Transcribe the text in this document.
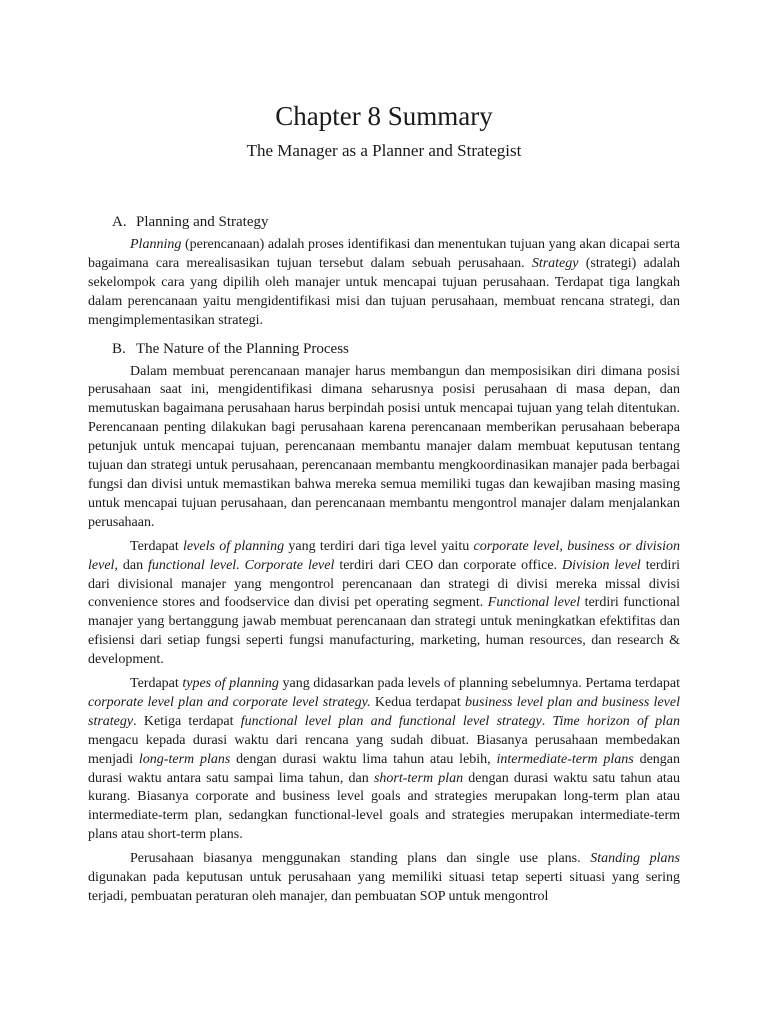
Chapter 8 Summary
The Manager as a Planner and Strategist
A. Planning and Strategy

Planning (perencanaan) adalah proses identifikasi dan menentukan tujuan yang akan dicapai serta bagaimana cara merealisasikan tujuan tersebut dalam sebuah perusahaan. Strategy (strategi) adalah sekelompok cara yang dipilih oleh manajer untuk mencapai tujuan perusahaan. Terdapat tiga langkah dalam perencanaan yaitu mengidentifikasi misi dan tujuan perusahaan, membuat rencana strategi, dan mengimplementasikan strategi.

B. The Nature of the Planning Process

Dalam membuat perencanaan manajer harus membangun dan memposisikan diri dimana posisi perusahaan saat ini, mengidentifikasi dimana seharusnya posisi perusahaan di masa depan, dan memutuskan bagaimana perusahaan harus berpindah posisi untuk mencapai tujuan yang telah ditentukan. Perencanaan penting dilakukan bagi perusahaan karena perencanaan memberikan perusahaan beberapa petunjuk untuk mencapai tujuan, perencanaan membantu manajer dalam membuat keputusan tentang tujuan dan strategi untuk perusahaan, perencanaan membantu mengkoordinasikan manajer pada berbagai fungsi dan divisi untuk memastikan bahwa mereka semua memiliki tugas dan kewajiban masing masing untuk mencapai tujuan perusahaan, dan perencanaan membantu mengontrol manajer dalam menjalankan perusahaan.

Terdapat levels of planning yang terdiri dari tiga level yaitu corporate level, business or division level, dan functional level. Corporate level terdiri dari CEO dan corporate office. Division level terdiri dari divisional manajer yang mengontrol perencanaan dan strategi di divisi mereka missal divisi convenience stores and foodservice dan divisi pet operating segment. Functional level terdiri functional manajer yang bertanggung jawab membuat perencanaan dan strategi untuk meningkatkan efektifitas dan efisiensi dari setiap fungsi seperti fungsi manufacturing, marketing, human resources, dan research & development.

Terdapat types of planning yang didasarkan pada levels of planning sebelumnya. Pertama terdapat corporate level plan and corporate level strategy. Kedua terdapat business level plan and business level strategy. Ketiga terdapat functional level plan and functional level strategy. Time horizon of plan mengacu kepada durasi waktu dari rencana yang sudah dibuat. Biasanya perusahaan membedakan menjadi long-term plans dengan durasi waktu lima tahun atau lebih, intermediate-term plans dengan durasi waktu antara satu sampai lima tahun, dan short-term plan dengan durasi waktu satu tahun atau kurang. Biasanya corporate and business level goals and strategies merupakan long-term plan atau intermediate-term plan, sedangkan functional-level goals and strategies merupakan intermediate-term plans atau short-term plans.

Perusahaan biasanya menggunakan standing plans dan single use plans. Standing plans digunakan pada keputusan untuk perusahaan yang memiliki situasi tetap seperti situasi yang sering terjadi, pembuatan peraturan oleh manajer, dan pembuatan SOP untuk mengontrol
